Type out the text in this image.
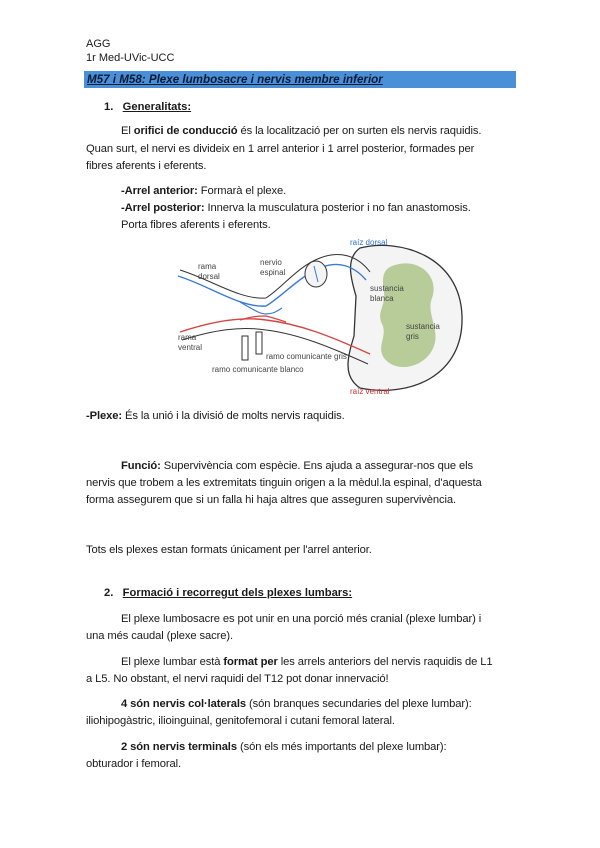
AGG
1r Med-UVic-UCC
M57 i M58: Plexe lumbosacre i nervis membre inferior
1. Generalitats:
El orifici de conducció és la localització per on surten els nervis raquidis.
Quan surt, el nervi es divideix en 1 arrel anterior i 1 arrel posterior, formades per
fibres aferents i eferents.
-Arrel anterior: Formarà el plexe.
-Arrel posterior: Innerva la musculatura posterior i no fan anastomosis.
Porta fibres aferents i eferents.
rama
dorsal
nervio
espinal
raíz dorsal
sustancia
blanca
sustancia
gris
rama
ventral
ramo comunicante gris
ramo comunicante blanco
raíz ventral
-Plexe: És la unió i la divisió de molts nervis raquidis.
Funció: Supervivència com espècie. Ens ajuda a assegurar-nos que els
nervis que trobem a les extremitats tinguin origen a la mèdul.la espinal, d'aquesta
forma assegurem que si un falla hi haja altres que asseguren supervivència.
Tots els plexes estan formats únicament per l'arrel anterior.
2. Formació i recorregut dels plexes lumbars:
El plexe lumbosacre es pot unir en una porció més cranial (plexe lumbar) i
una més caudal (plexe sacre).
El plexe lumbar està format per les arrels anteriors del nervis raquidis de L1
a L5. No obstant, el nervi raquidi del T12 pot donar innervació!
4 són nervis col·laterals (són branques secundaries del plexe lumbar):
iliohipogàstric, ilioinguinal, genitofemoral i cutani femoral lateral.
2 són nervis terminals (són els més importants del plexe lumbar):
obturador i femoral.
